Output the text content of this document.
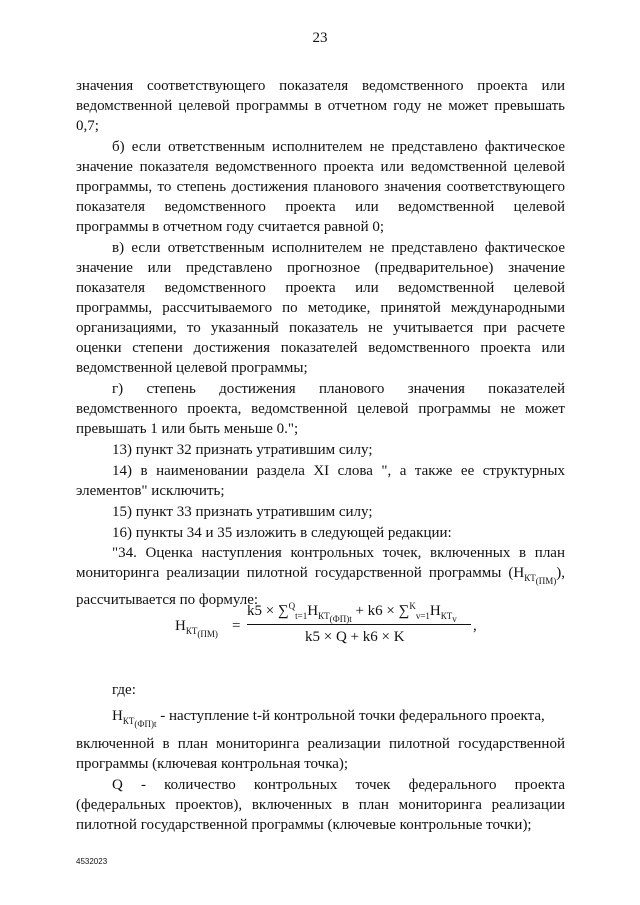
23
значения соответствующего показателя ведомственного проекта или
ведомственной целевой программы в отчетном году не может превышать
0,7;
б) если ответственным исполнителем не представлено фактическое
значение показателя ведомственного проекта или ведомственной целевой
программы, то степень достижения планового значения соответствующего
показателя ведомственного проекта или ведомственной целевой
программы в отчетном году считается равной 0;
в) если ответственным исполнителем не представлено фактическое
значение или представлено прогнозное (предварительное) значение
показателя ведомственного проекта или ведомственной целевой
программы, рассчитываемого по методике, принятой международными
организациями, то указанный показатель не учитывается при расчете
оценки степени достижения показателей ведомственного проекта или
ведомственной целевой программы;
г) степень достижения планового значения показателей
ведомственного проекта, ведомственной целевой программы не может
превышать 1 или быть меньше 0.";
13) пункт 32 признать утратившим силу;
14) в наименовании раздела XI слова ", а также ее структурных
элементов" исключить;
15) пункт 33 признать утратившим силу;
16) пункты 34 и 35 изложить в следующей редакции:
"34. Оценка наступления контрольных точек, включенных в план
рассчитывается по формуле:
где:
включенной в план мониторинга реализации пилотной государственной
программы (ключевая контрольная точка);
Q - количество контрольных точек федерального проекта
(федеральных проектов), включенных в план мониторинга реализации
пилотной государственной программы (ключевые контрольные точки);
мониторинга реализации пилотной государственной программы $(Н_{КТ_{(ПМ)}})$,
$Н_{КТ_{(ПМ)}}$ =
$k5 \times \sum^Q_{t=1}Н_{КТ_{(ФП)t}} + k6 \times \sum^K_{v=1}Н_{КТ_v}$
k5 × Q + k6 × K
,
$Н_{КТ_{(ФП)t}}$ - наступление t-й контрольной точки федерального проекта,
4532023
